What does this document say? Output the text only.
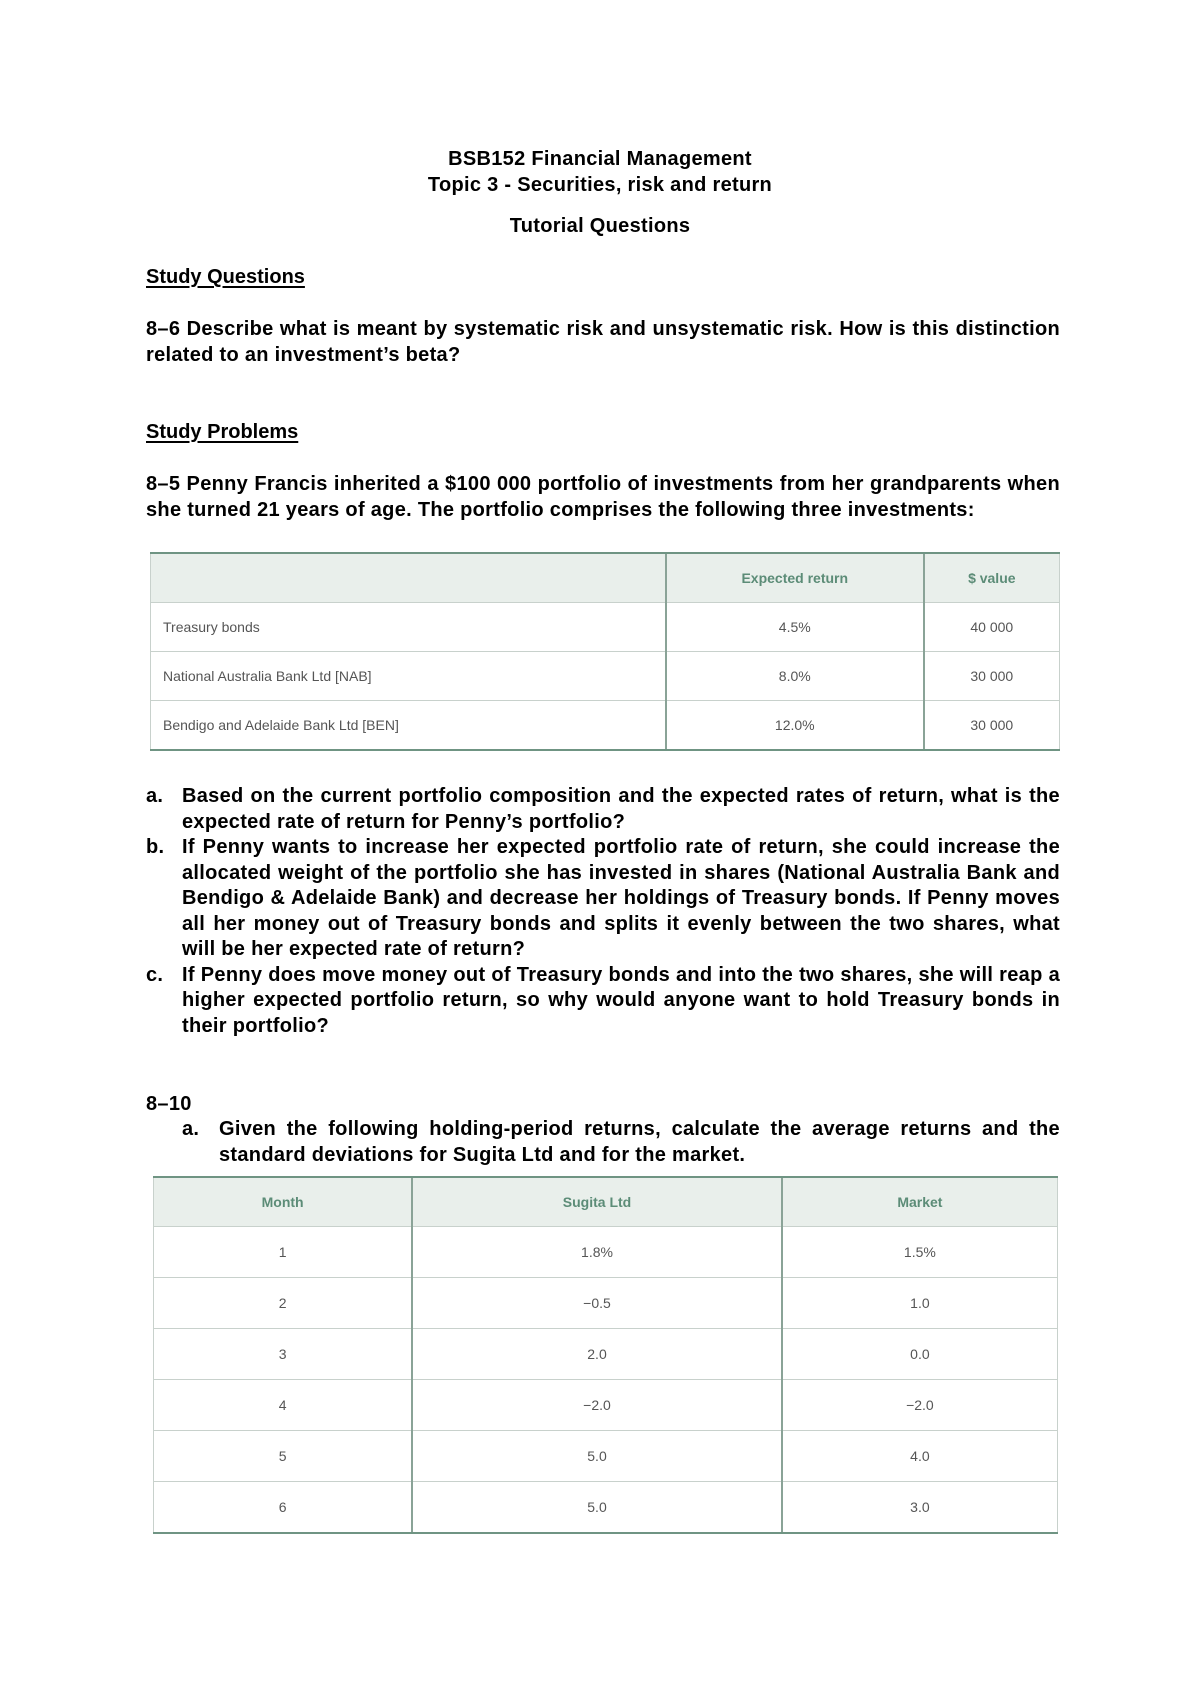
BSB152 Financial Management
Topic 3 - Securities, risk and return
Tutorial Questions
Study Questions
8–6 Describe what is meant by systematic risk and unsystematic risk. How is this distinction related to an investment’s beta?
Study Problems
8–5 Penny Francis inherited a $100 000 portfolio of investments from her grandparents when she turned 21 years of age. The portfolio comprises the following three investments:
	Expected return	$ value
Treasury bonds	4.5%	40 000
National Australia Bank Ltd [NAB]	8.0%	30 000
Bendigo and Adelaide Bank Ltd [BEN]	12.0%	30 000
a. Based on the current portfolio composition and the expected rates of return, what is the expected rate of return for Penny’s portfolio?
b. If Penny wants to increase her expected portfolio rate of return, she could increase the allocated weight of the portfolio she has invested in shares (National Australia Bank and Bendigo & Adelaide Bank) and decrease her holdings of Treasury bonds. If Penny moves all her money out of Treasury bonds and splits it evenly between the two shares, what will be her expected rate of return?
c. If Penny does move money out of Treasury bonds and into the two shares, she will reap a higher expected portfolio return, so why would anyone want to hold Treasury bonds in their portfolio?
8–10
a. Given the following holding-period returns, calculate the average returns and the standard deviations for Sugita Ltd and for the market.
Month	Sugita Ltd	Market
1	1.8%	1.5%
2	−0.5	1.0
3	2.0	0.0
4	−2.0	−2.0
5	5.0	4.0
6	5.0	3.0
